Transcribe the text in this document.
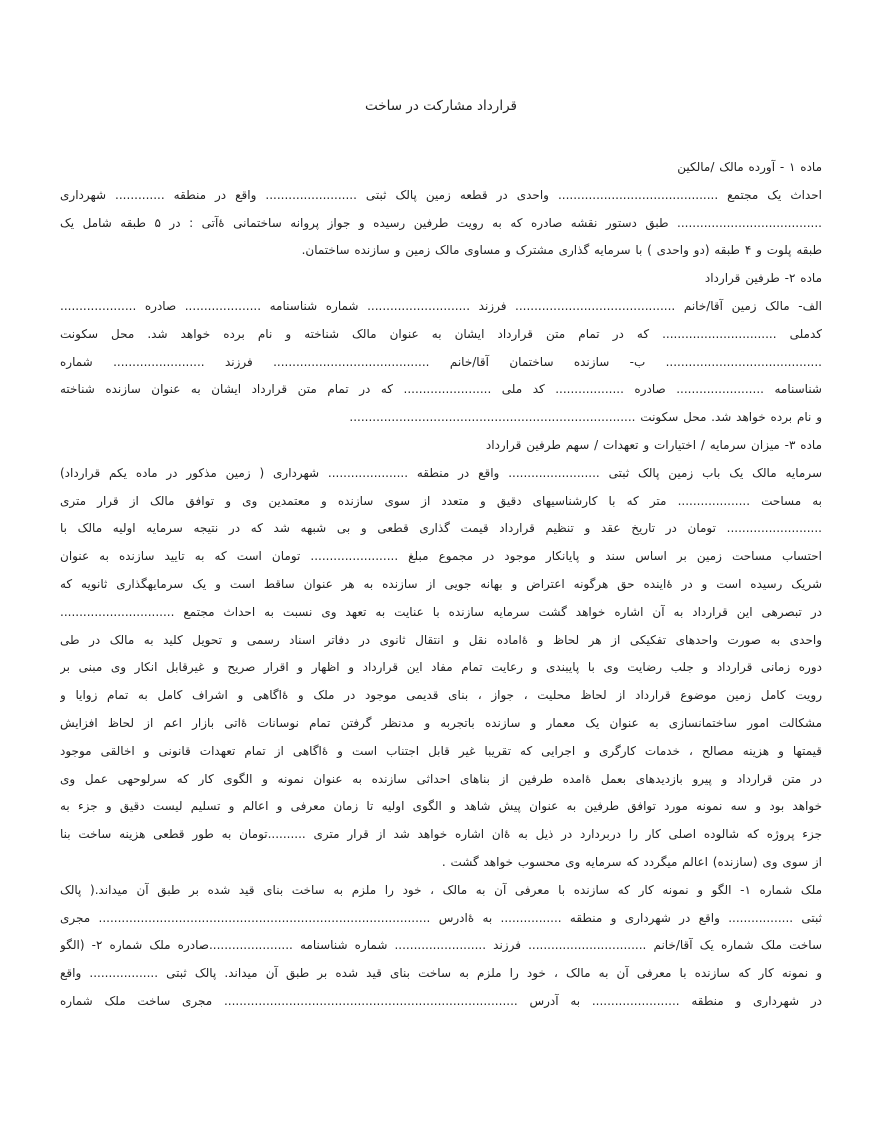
قرارداد مشارکت در ساخت
ماده ۱ - آورده مالک /مالکین
احداث یک مجتمع .......................................... واحدی در قطعه زمین پالک ثبتی ........................ واقع در منطقه ............. شهرداری
...................................... طبق دستور نقشه صادره که به رویت طرفین رسیده و جواز پروانه ساختمانی ۀآتی : در ۵ طبقه شامل یک
طبقه پلوت و ۴ طبقه (دو واحدی ) با سرمایه گذاری مشترک و مساوی مالک زمین و سازنده ساختمان.
ماده ۲- طرفین قرارداد
الف- مالک زمین آقا/خانم .......................................... فرزند ........................... شماره شناسنامه .................... صادره ....................
کدملی .............................. که در تمام متن قرارداد ایشان به عنوان مالک شناخته و نام برده خواهد شد. محل سکونت
......................................... ب- سازنده ساختمان آقا/خانم ......................................... فرزند ........................ شماره
شناسنامه ....................... صادره .................. کد ملی ....................... که در تمام متن قرارداد ایشان به عنوان سازنده شناخته
و نام برده خواهد شد. محل سکونت ...........................................................................
ماده ۳- میزان سرمایه / اختیارات و تعهدات / سهم طرفین قرارداد
سرمایه مالک یک باب زمین پالک ثبتی ........................ واقع در منطقه ..................... شهرداری ( زمین مذکور در ماده یکم قرارداد)
به مساحت ................... متر که با کارشناسیهای دقیق و متعدد از سوی سازنده و معتمدین وی و توافق مالک از قرار متری
......................... تومان در تاریخ عقد و تنظیم قرارداد قیمت گذاری قطعی و بی شبهه شد که در نتیجه سرمایه اولیه مالک با
احتساب مساحت زمین بر اساس سند و پایانکار موجود در مجموع مبلغ ....................... تومان است که به تایید سازنده به عنوان
شریک رسیده است و در ۀاینده حق هرگونه اعتراض و بهانه جویی از سازنده به هر عنوان ساقط است و یک سرمایهگذاری ثانویه که
در تبصرهی این قرارداد به آن اشاره خواهد گشت سرمایه سازنده با عنایت به تعهد وی نسبت به احداث مجتمع ..............................
واحدی به صورت واحدهای تفکیکی از هر لحاظ و ۀاماده نقل و انتقال ثانوی در دفاتر اسناد رسمی و تحویل کلید به مالک در طی
دوره زمانی قرارداد و جلب رضایت وی با پایبندی و رعایت تمام مفاد این قرارداد و اظهار و اقرار صریح و غیرقابل انکار وی مبنی بر
رویت کامل زمین موضوع قرارداد از لحاظ محلیت ، جواز ، بنای قدیمی موجود در ملک و ۀاگاهی و اشراف کامل به تمام زوایا و
مشکالت امور ساختمانسازی به عنوان یک معمار و سازنده باتجربه و مدنظر گرفتن تمام نوسانات ۀاتی بازار اعم از لحاظ افزایش
قیمتها و هزینه مصالح ، خدمات کارگری و اجرایی که تقریبا غیر قابل اجتناب است و ۀاگاهی از تمام تعهدات قانونی و اخالقی موجود
در متن قرارداد و پیرو بازدیدهای بعمل ۀامده طرفین از بناهای احداثی سازنده به عنوان نمونه و الگوی کار که سرلوحهی عمل وی
خواهد بود و سه نمونه مورد توافق طرفین به عنوان پیش شاهد و الگوی اولیه تا زمان معرفی و اعالم و تسلیم لیست دقیق و جزء به
جزء پروژه که شالوده اصلی کار را دربردارد در ذیل به ۀان اشاره خواهد شد از قرار متری ..........تومان به طور قطعی هزینه ساخت بنا
از سوی وی (سازنده) اعالم میگردد که سرمایه وی محسوب خواهد گشت .
ملک شماره ۱- الگو و نمونه کار که سازنده با معرفی آن به مالک ، خود را ملزم به ساخت بنای قید شده بر طبق آن میداند.( پالک
ثبتی ................. واقع در شهرداری و منطقه ................ به ۀادرس ....................................................................................... مجری
ساخت ملک شماره یک آقا/خانم ............................... فرزند ........................ شماره شناسنامه ......................صادره ملک شماره ۲- (الگو
و نمونه کار که سازنده با معرفی آن به مالک ، خود را ملزم به ساخت بنای قید شده بر طبق آن میداند. پالک ثبتی .................. واقع
در شهرداری و منطقه ....................... به آدرس ............................................................................. مجری ساخت ملک شماره
